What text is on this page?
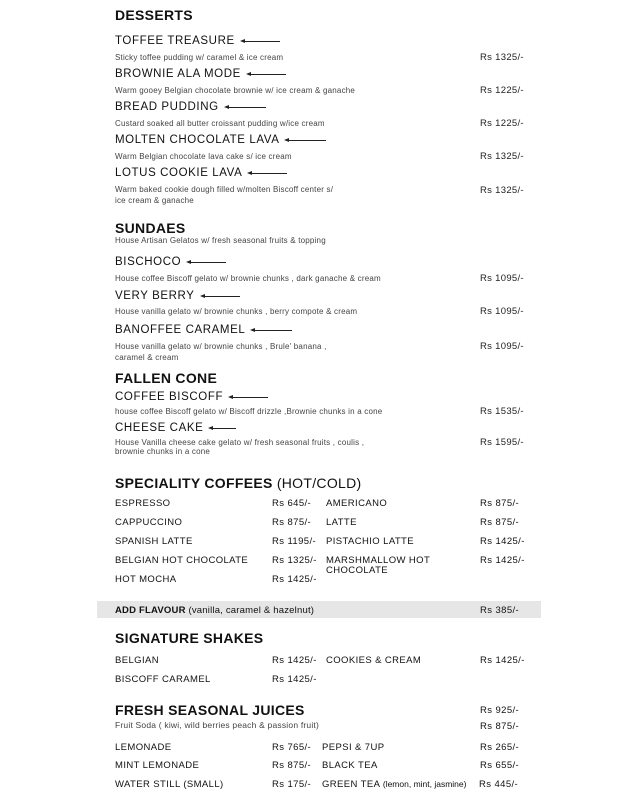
DESSERTS
TOFFEE TREASURE
Sticky toffee pudding w/ caramel & ice cream	Rs 1325/-
BROWNIE ALA MODE
Warm gooey Belgian chocolate brownie w/ ice cream & ganache	Rs 1225/-
BREAD PUDDING
Custard soaked all butter croissant pudding w/ice cream	Rs 1225/-
MOLTEN CHOCOLATE LAVA
Warm Belgian chocolate lava cake s/ ice cream	Rs 1325/-
LOTUS COOKIE LAVA
Warm baked cookie dough filled w/molten Biscoff center s/
ice cream & ganache
Rs 1325/-
SUNDAES
House Artisan Gelatos w/ fresh seasonal fruits & topping
BISCHOCO
House coffee Biscoff gelato w/ brownie chunks , dark ganache & cream	Rs 1095/-
VERY BERRY
House vanilla gelato w/ brownie chunks , berry compote & cream	Rs 1095/-
BANOFFEE CARAMEL
House vanilla gelato w/ brownie chunks , Brule' banana ,
caramel & cream
Rs 1095/-
FALLEN CONE
COFFEE BISCOFF
house coffee Biscoff gelato w/ Biscoff drizzle ,Brownie chunks in a cone	Rs 1535/-
CHEESE CAKE
House Vanilla cheese cake gelato w/ fresh seasonal fruits , coulis ,
brownie chunks in a cone
Rs 1595/-
SPECIALITY COFFEES (HOT/COLD)
ESPRESSO	Rs 645/- AMERICANO	Rs 875/-
CAPPUCCINO	Rs 875/- LATTE	Rs 875/-
SPANISH LATTE	Rs 1195/- PISTACHIO LATTE	Rs 1425/-
BELGIAN HOT CHOCOLATE	Rs 1325/- MARSHMALLOW HOT
CHOCOLATE
Rs 1425/-
HOT MOCHA	Rs 1425/-
ADD FLAVOUR (vanilla, caramel & hazelnut)	Rs 385/-
SIGNATURE SHAKES
BELGIAN	Rs 1425/- COOKIES & CREAM	Rs 1425/-
BISCOFF CARAMEL	Rs 1425/-
FRESH SEASONAL JUICES	Rs 925/-
Fruit Soda ( kiwi, wild berries peach & passion fruit)	Rs 875/-
LEMONADE	Rs 765/- PEPSI & 7UP	Rs 265/-
MINT LEMONADE	Rs 875/- BLACK TEA	Rs 655/-
WATER STILL (SMALL)	Rs 175/- GREEN TEA (lemon, mint, jasmine) Rs 445/-
